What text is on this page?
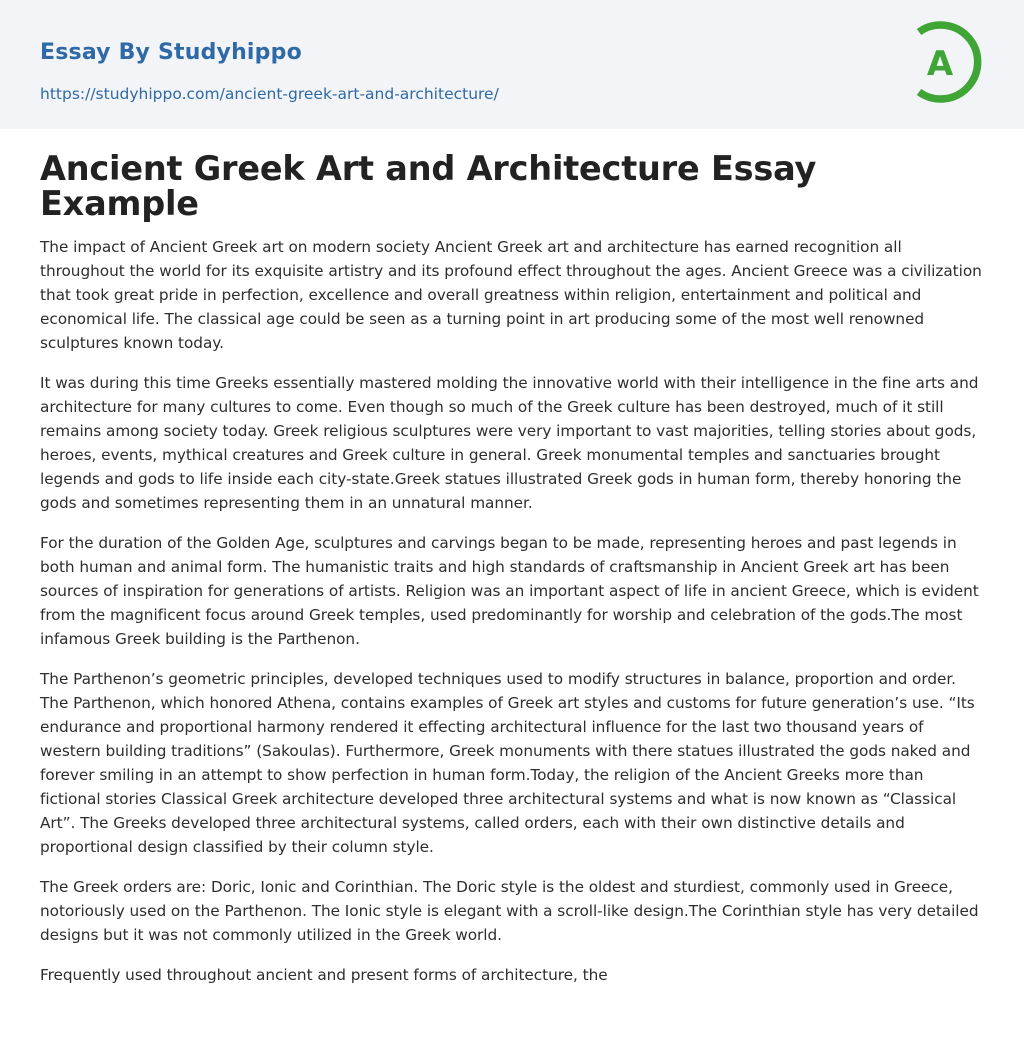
Essay By Studyhippo
https://studyhippo.com/ancient-greek-art-and-architecture/
A
Ancient Greek Art and Architecture Essay Example

The impact of Ancient Greek art on modern society Ancient Greek art and architecture has earned recognition all throughout the world for its exquisite artistry and its profound effect throughout the ages. Ancient Greece was a civilization that took great pride in perfection, excellence and overall greatness within religion, entertainment and political and economical life. The classical age could be seen as a turning point in art producing some of the most well renowned sculptures known today.

It was during this time Greeks essentially mastered molding the innovative world with their intelligence in the fine arts and architecture for many cultures to come. Even though so much of the Greek culture has been destroyed, much of it still remains among society today. Greek religious sculptures were very important to vast majorities, telling stories about gods, heroes, events, mythical creatures and Greek culture in general. Greek monumental temples and sanctuaries brought legends and gods to life inside each city-state.Greek statues illustrated Greek gods in human form, thereby honoring the gods and sometimes representing them in an unnatural manner.

For the duration of the Golden Age, sculptures and carvings began to be made, representing heroes and past legends in both human and animal form. The humanistic traits and high standards of craftsmanship in Ancient Greek art has been sources of inspiration for generations of artists. Religion was an important aspect of life in ancient Greece, which is evident from the magnificent focus around Greek temples, used predominantly for worship and celebration of the gods.The most infamous Greek building is the Parthenon.

The Parthenon’s geometric principles, developed techniques used to modify structures in balance, proportion and order. The Parthenon, which honored Athena, contains examples of Greek art styles and customs for future generation’s use. “Its endurance and proportional harmony rendered it effecting architectural influence for the last two thousand years of western building traditions” (Sakoulas). Furthermore, Greek monuments with there statues illustrated the gods naked and forever smiling in an attempt to show perfection in human form.Today, the religion of the Ancient Greeks more than fictional stories Classical Greek architecture developed three architectural systems and what is now known as “Classical Art”. The Greeks developed three architectural systems, called orders, each with their own distinctive details and proportional design classified by their column style.

The Greek orders are: Doric, Ionic and Corinthian. The Doric style is the oldest and sturdiest, commonly used in Greece, notoriously used on the Parthenon. The Ionic style is elegant with a scroll-like design.The Corinthian style has very detailed designs but it was not commonly utilized in the Greek world.

Frequently used throughout ancient and present forms of architecture, the
